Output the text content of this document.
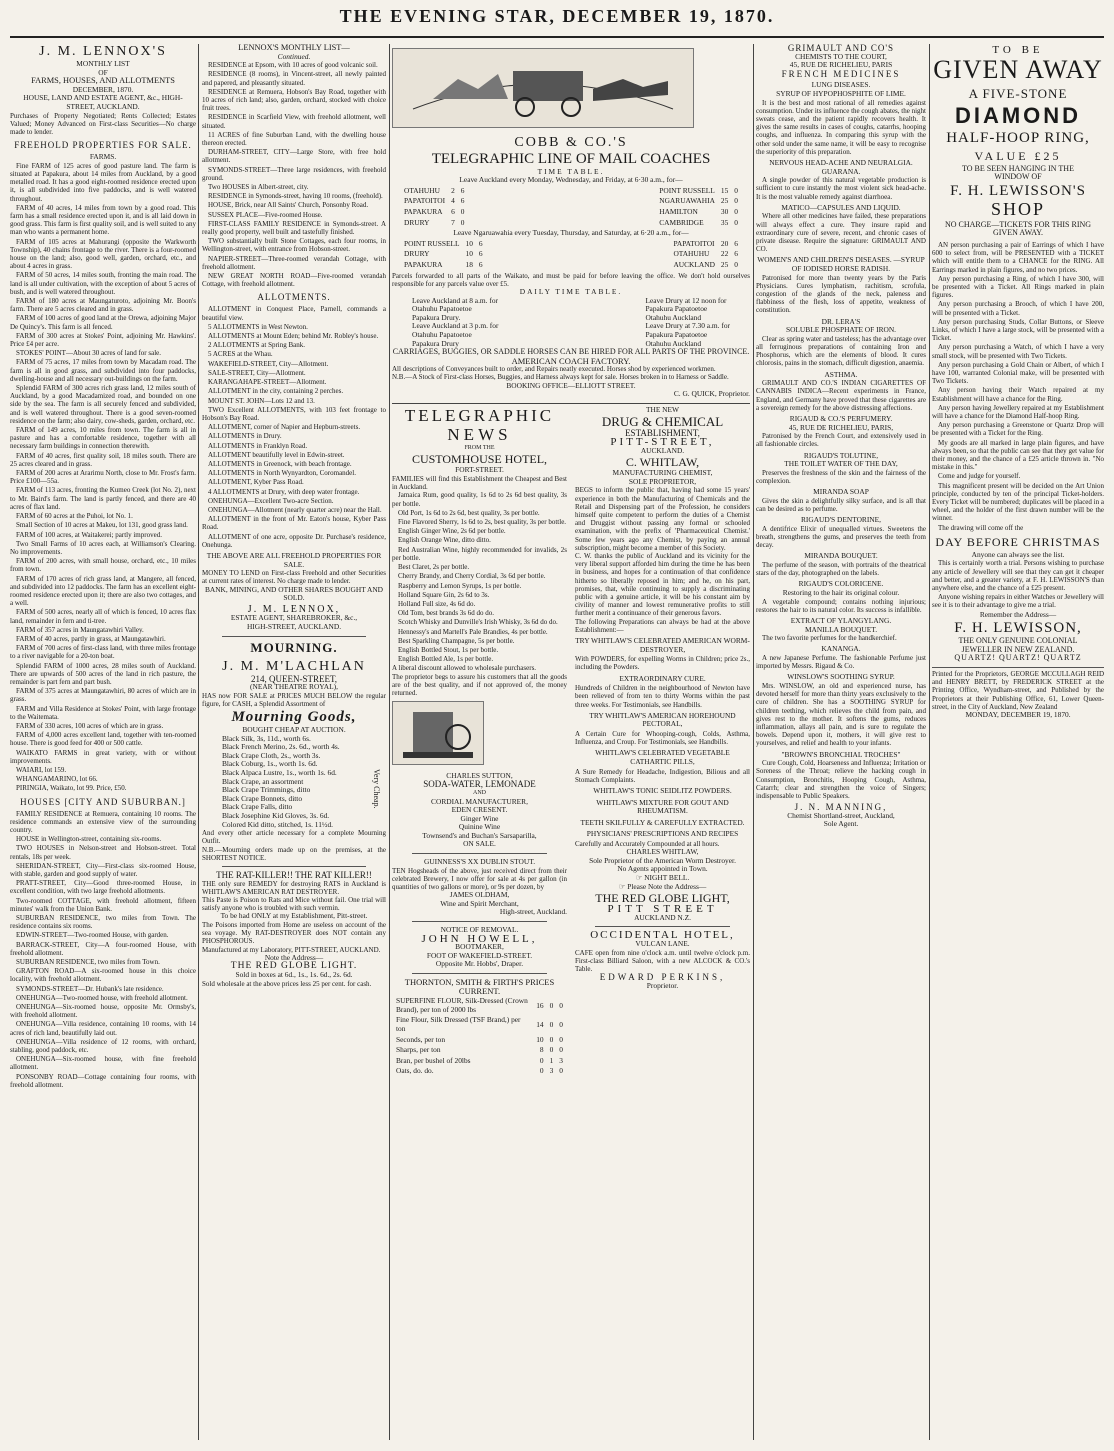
THE EVENING STAR, DECEMBER 19, 1870.
J. M. LENNOX'S
MONTHLY LIST
OF
FARMS, HOUSES, AND ALLOTMENTS
DECEMBER, 1870.
HOUSE, LAND AND ESTATE AGENT, &c., HIGH-STREET, AUCKLAND.
Purchases of Property Negotiated; Rents Collected; Estates Valued; Money Advanced on First-class Securities—No charge made to lender.
FREEHOLD PROPERTIES FOR SALE.
FARMS.
Fine FARM of 125 acres of good pasture land. The farm is situated at Papakura, about 14 miles from Auckland, by a good metalled road. It has a good eight-roomed residence erected upon it, is all subdivided into five paddocks, and is well watered throughout.
FARM of 40 acres, 14 miles from town by a good road. This farm has a small residence erected upon it, and is all laid down in good grass. This farm is first quality soil, and is well suited to any man who wants a permanent home.
FARM of 105 acres at Mahurangi (opposite the Warkworth Township), 40 chains frontage to the river. There is a four-roomed house on the land; also, good well, garden, orchard, etc., and about 4 acres in grass.
FARM of 50 acres, 14 miles south, fronting the main road. The land is all under cultivation, with the exception of about 5 acres of bush, and is well watered throughout.
FARM of 180 acres at Maungaturoto, adjoining Mr. Boon's farm. There are 5 acres cleared and in grass.
FARM of 100 acres of good land at the Orewa, adjoining Major De Quincy's. This farm is all fenced.
FARM of 300 acres at Stokes' Point, adjoining Mr. Hawkins'. Price £4 per acre.
STOKES' POINT—About 30 acres of land for sale.
FARM of 75 acres, 17 miles from town by Macadam road. The farm is all in good grass, and subdivided into four paddocks, dwelling-house and all necessary out-buildings on the farm.
Splendid FARM of 300 acres rich grass land, 12 miles south of Auckland, by a good Macadamized road, and bounded on one side by the sea. The farm is all securely fenced and subdivided, and is well watered throughout. There is a good seven-roomed residence on the farm; also dairy, cow-sheds, garden, orchard, etc.
FARM of 149 acres, 10 miles from town. The farm is all in pasture and has a comfortable residence, together with all necessary farm buildings in connection therewith.
FARM of 40 acres, first quality soil, 18 miles south. There are 25 acres cleared and in grass.
FARM of 200 acres at Ararimu North, close to Mr. Frost's farm. Price £100—55a.
FARM of 113 acres, fronting the Kumeo Creek (lot No. 2), next to Mr. Baird's farm. The land is partly fenced, and there are 40 acres of flax land.
FARM of 60 acres at the Puhoi, lot No. 1.
Small Section of 10 acres at Makeu, lot 131, good grass land.
FARM of 100 acres, at Waitakerei; partly improved.
Two Small Farms of 10 acres each, at Williamson's Clearing. No improvements.
FARM of 200 acres, with small house, orchard, etc., 10 miles from town.
FARM of 170 acres of rich grass land, at Mangere, all fenced, and subdivided into 12 paddocks. The farm has an excellent eight-roomed residence erected upon it; there are also two cottages, and a well.
FARM of 500 acres, nearly all of which is fenced, 10 acres flax land, remainder in fern and ti-tree.
FARM of 357 acres in Maungatawhiri Valley.
FARM of 40 acres, partly in grass, at Maungatawhiri.
FARM of 700 acres of first-class land, with three miles frontage to a river navigable for a 20-ton boat.
Splendid FARM of 1000 acres, 28 miles south of Auckland. There are upwards of 500 acres of the land in rich pasture, the remainder is part fern and part bush.
FARM of 375 acres at Maungatawhiri, 80 acres of which are in grass.
FARM and Villa Residence at Stokes' Point, with large frontage to the Waitemata.
FARM of 330 acres, 100 acres of which are in grass.
FARM of 4,000 acres excellent land, together with ten-roomed house. There is good feed for 400 or 500 cattle.
WAIKATO FARMS in great variety, with or without improvements.
WAIARI, lot 159.
WHANGAMARINO, lot 66.
PIRINGIA, Waikato, lot 99. Price, £50.
HOUSES [CITY AND SUBURBAN.]
FAMILY RESIDENCE at Remuera, containing 10 rooms. The residence commands an extensive view of the surrounding country.
HOUSE in Wellington-street, containing six-rooms.
TWO HOUSES in Nelson-street and Hobson-street. Total rentals, 18s per week.
SHERIDAN-STREET, City—First-class six-roomed House, with stable, garden and good supply of water.
PRATT-STREET, City—Good three-roomed House, in excellent condition, with two large freehold allotments.
Two-roomed COTTAGE, with freehold allotment, fifteen minutes' walk from the Union Bank.
SUBURBAN RESIDENCE, two miles from Town. The residence contains six rooms.
EDWIN-STREET—Two-roomed House, with garden.
BARRACK-STREET, City—A four-roomed House, with freehold allotment.
SUBURBAN RESIDENCE, two miles from Town.
GRAFTON ROAD—A six-roomed house in this choice locality, with freehold allotment.
SYMONDS-STREET—Dr. Hubank's late residence.
ONEHUNGA—Two-roomed house, with freehold allotment.
ONEHUNGA—Six-roomed house, opposite Mr. Ormsby's, with freehold allotment.
ONEHUNGA—Villa residence, containing 10 rooms, with 14 acres of rich land, beautifully laid out.
ONEHUNGA—Villa residence of 12 rooms, with orchard, stabling, good paddock, etc.
ONEHUNGA—Six-roomed house, with fine freehold allotment.
PONSONBY ROAD—Cottage containing four rooms, with freehold allotment.
LENNOX'S MONTHLY LIST—
Continued.
RESIDENCE at Epsom, with 10 acres of good volcanic soil.
RESIDENCE (8 rooms), in Vincent-street, all newly painted and papered, and pleasantly situated.
RESIDENCE at Remuera, Hobson's Bay Road, together with 10 acres of rich land; also, garden, orchard, stocked with choice fruit trees.
RESIDENCE in Scarfield View, with freehold allotment, well situated.
11 ACRES of fine Suburban Land, with the dwelling house thereon erected.
DURHAM-STREET, CITY—Large Store, with free hold allotment.
SYMONDS-STREET—Three large residences, with freehold ground.
Two HOUSES in Albert-street, city.
RESIDENCE in Symonds-street, having 10 rooms, (freehold).
HOUSE, Brick, near All Saints' Church, Ponsonby Road.
SUSSEX PLACE—Five-roomed House.
FIRST-CLASS FAMILY RESIDENCE in Symonds-street. A really good property, well built and tastefully finished.
TWO substantially built Stone Cottages, each four rooms, in Wellington-street, with entrance from Hobson-street.
NAPIER-STREET—Three-roomed verandah Cottage, with freehold allotment.
NEW GREAT NORTH ROAD—Five-roomed verandah Cottage, with freehold allotment.
ALLOTMENTS.
ALLOTMENT in Conquest Place, Parnell, commands a beautiful view.
5 ALLOTMENTS in West Newton.
ALLOTMENTS at Mount Eden; behind Mr. Robley's house.
2 ALLOTMENTS at Spring Bank.
5 ACRES at the Whau.
WAKEFIELD-STREET, City—Allotment.
SALE-STREET, City—Allotment.
KARANGAHAPE-STREET—Allotment.
ALLOTMENT in the city, containing 2 perches.
MOUNT ST. JOHN—Lots 12 and 13.
TWO Excellent ALLOTMENTS, with 103 feet frontage to Hobson's Bay Road.
ALLOTMENT, corner of Napier and Hepburn-streets.
ALLOTMENTS in Drury.
ALLOTMENTS in Franklyn Road.
ALLOTMENT beautifully level in Edwin-street.
ALLOTMENTS in Greenock, with beach frontage.
ALLOTMENTS in North Wynyardton, Coromandel.
ALLOTMENT, Kyber Pass Road.
4 ALLOTMENTS at Drury, with deep water frontage.
ONEHUNGA—Excellent Two-acre Section.
ONEHUNGA—Allotment (nearly quarter acre) near the Hall.
ALLOTMENT in the front of Mr. Eaton's house, Kyber Pass Road.
ALLOTMENT of one acre, opposite Dr. Purchase's residence, Onehunga.
THE ABOVE ARE ALL FREEHOLD PROPERTIES FOR SALE.
MONEY TO LEND on First-class Freehold and other Securities at current rates of interest. No charge made to lender.
BANK, MINING, AND OTHER SHARES BOUGHT AND SOLD.
J. M. LENNOX,
ESTATE AGENT, SHAREBROKER, &c.,
HIGH-STREET, AUCKLAND.
MOURNING.
J. M. M'LACHLAN
214, QUEEN-STREET,
(NEAR THEATRE ROYAL),
HAS now FOR SALE at PRICES MUCH BELOW the regular figure, for CASH, a Splendid Assortment of
Mourning Goods,
BOUGHT CHEAP AT AUCTION.
Black Silk, 3s, 11d., worth 6s.
Black French Merino, 2s. 6d., worth 4s.
Black Crape Cloth, 2s., worth 3s.
Black Coburg, 1s., worth 1s. 6d.
Black Alpaca Lustre, 1s., worth 1s. 6d.
Black Crape, an assortment
Black Crape Trimmings, ditto
Black Crape Bonnets, ditto
Black Crape Falls, ditto
Black Josephine Kid Gloves, 3s. 6d.
Colored Kid ditto, stitched, 1s. 11½d.
Very Cheap.
And every other article necessary for a complete Mourning Outfit.
N.B.—Mourning orders made up on the premises, at the SHORTEST NOTICE.
THE RAT-KILLER!! THE RAT KILLER!!
THE only sure REMEDY for destroying RATS in Auckland is WHITLAW'S AMERICAN RAT DESTROYER.
This Paste is Poison to Rats and Mice without fail. One trial will satisfy anyone who is troubled with such vermin.
To be had ONLY at my Establishment, Pitt-street.
The Poisons imported from Home are useless on account of the sea voyage. My RAT-DESTROYER does NOT contain any PHOSPHOROUS.
Manufactured at my Laboratory, PITT-STREET, AUCKLAND.
Note the Address—
THE RED GLOBE LIGHT.
Sold in boxes at 6d., 1s., 1s. 6d., 2s. 6d.
Sold wholesale at the above prices less 25 per cent. for cash.
COBB & CO.'S
TELEGRAPHIC LINE OF MAIL COACHES
TIME TABLE.
Leave Auckland every Monday, Wednesday, and Friday, at 6·30 a.m., for—
OTAHUHU	2	6
PAPATOITOI	4	6
PAPAKURA	6	0
DRURY	7	0
POINT RUSSELL	15	0
NGARUAWAHIA	25	0
HAMILTON	30	0
CAMBRIDGE	35	0
Leave Ngaruawahia every Tuesday, Thursday, and Saturday, at 6·20 a.m., for—
POINT RUSSELL	10	6
DRURY	10	6
PAPAKURA	18	6
PAPATOITOI	20	6
OTAHUHU	22	6
AUCKLAND	25	0
Parcels forwarded to all parts of the Waikato, and must be paid for before leaving the office. We don't hold ourselves responsible for any parcels value over £5.
DAILY TIME TABLE.
Leave Auckland at 8 a.m. for
Otahuhu Papatoetoe
Papakura Drury.
Leave Auckland at 3 p.m. for
Otahuhu Papatoetoe
Papakura Drury
Leave Drury at 12 noon for
Papakura Papatoetoe
Otahuhu Auckland
Leave Drury at 7.30 a.m. for
Papakura Papatoetoe
Otahuhu Auckland
CARRIAGES, BUGGIES, OR SADDLE HORSES CAN BE HIRED FOR ALL PARTS OF THE PROVINCE.
AMERICAN COACH FACTORY.
All descriptions of Conveyances built to order, and Repairs neatly executed. Horses shod by experienced workmen.
N.B.—A Stock of First-class Horses, Buggies, and Harness always kept for sale. Horses broken in to Harness or Saddle.
BOOKING OFFICE—ELLIOTT STREET.
C. G. QUICK, Proprietor.
TELEGRAPHIC
NEWS
FROM THE
CUSTOMHOUSE HOTEL,
FORT-STREET.
FAMILIES will find this Establishment the Cheapest and Best in Auckland.
Jamaica Rum, good quality, 1s 6d to 2s 6d best quality, 3s per bottle.
Old Port, 1s 6d to 2s 6d, best quality, 3s per bottle.
Fine Flavored Sherry, 1s 6d to 2s, best quality, 3s per bottle.
English Ginger Wine, 2s 6d per bottle.
English Orange Wine, ditto ditto.
Red Australian Wine, highly recommended for invalids, 2s per bottle.
Best Claret, 2s per bottle.
Cherry Brandy, and Cherry Cordial, 3s 6d per bottle.
Raspberry and Lemon Syrups, 1s per bottle.
Holland Square Gin, 2s 6d to 3s.
Holland Full size, 4s 6d do.
Old Tom, best brands 3s 6d do do.
Scotch Whisky and Dunville's Irish Whisky, 3s 6d do do.
Hennessy's and Martell's Pale Brandies, 4s per bottle.
Best Sparkling Champagne, 5s per bottle.
English Bottled Stout, 1s per bottle.
English Bottled Ale, 1s per bottle.
A liberal discount allowed to wholesale purchasers.
The proprietor begs to assure his customers that all the goods are of the best quality, and if not approved of, the money returned.
CHARLES SUTTON,
SODA-WATER, LEMONADE
AND
CORDIAL MANUFACTURER,
EDEN CRESENT.
Ginger Wine
Quinine Wine
Townsend's and Buchan's Sarsaparilla,
ON SALE.
GUINNESS'S XX DUBLIN STOUT.
TEN Hogsheads of the above, just received direct from their celebrated Brewery, I now offer for sale at 4s per gallon (in quantities of two gallons or more), or 9s per dozen, by
JAMES OLDHAM,
Wine and Spirit Merchant,
High-street, Auckland.
NOTICE OF REMOVAL.
JOHN HOWELL,
BOOTMAKER,
FOOT OF WAKEFIELD-STREET.
Opposite Mr. Hobbs', Draper.
THORNTON, SMITH & FIRTH'S PRICES CURRENT.
SUPERFINE FLOUR, Silk-Dressed (Crown Brand), per ton of 2000 lbs	16	0	0
Fine Flour, Silk Dressed (TSF Brand,) per ton	14	0	0
Seconds, per ton	10	0	0
Sharps, per ton	8	0	0
Bran, per bushel of 20lbs	0	1	3
Oats, do. do.	0	3	0
THE NEW
DRUG & CHEMICAL
ESTABLISHMENT,
PITT-STREET,
AUCKLAND.
C. WHITLAW,
MANUFACTURING CHEMIST,
SOLE PROPRIETOR,
BEGS to inform the public that, having had some 15 years' experience in both the Manufacturing of Chemicals and the Retail and Dispensing part of the Profession, he considers himself quite competent to perform the duties of a Chemist and Druggist without passing any formal or schooled examination, with the prefix of 'Pharmaceutical Chemist.' Some few years ago any Chemist, by paying an annual subscription, might become a member of this Society.
C. W. thanks the public of Auckland and its vicinity for the very liberal support afforded him during the time he has been in business, and hopes for a continuation of that confidence hitherto so liberally reposed in him; and he, on his part, promises, that, while continuing to supply a discriminating public with a genuine article, it will be his constant aim by civility of manner and lowest remunerative profits to still further merit a continuance of their generous favors.
The following Preparations can always be had at the above Establishment:—
TRY WHITLAW'S CELEBRATED AMERICAN WORM-DESTROYER,
With POWDERS, for expelling Worms in Children; price 2s., including the Powders.
EXTRAORDINARY CURE.
Hundreds of Children in the neighbourhood of Newton have been relieved of from ten to thirty Worms within the past three weeks. For Testimonials, see Handbills.
TRY WHITLAW'S AMERICAN HOREHOUND PECTORAL,
A Certain Cure for Whooping-cough, Colds, Asthma, Influenza, and Croup. For Testimonials, see Handbills.
WHITLAW'S CELEBRATED VEGETABLE CATHARTIC PILLS,
A Sure Remedy for Headache, Indigestion, Bilious and all Stomach Complaints.
WHITLAW'S TONIC SEIDLITZ POWDERS.
WHITLAW'S MIXTURE FOR GOUT AND RHEUMATISM.
TEETH SKILFULLY & CAREFULLY EXTRACTED.
PHYSICIANS' PRESCRIPTIONS AND RECIPES
Carefully and Accurately Compounded at all hours.
CHARLES WHITLAW,
Sole Proprietor of the American Worm Destroyer.
No Agents appointed in Town.
☞ NIGHT BELL.
☞ Please Note the Address—
THE RED GLOBE LIGHT,
PITT STREET
AUCKLAND N.Z.
OCCIDENTAL HOTEL,
VULCAN LANE.
CAFE open from nine o'clock a.m. until twelve o'clock p.m. First-class Billiard Saloon, with a new ALCOCK & CO.'s Table.
EDWARD PERKINS,
Proprietor.
GRIMAULT AND CO'S
CHEMISTS TO THE COURT,
45, RUE DE RICHELIEU, PARIS
FRENCH MEDICINES
LUNG DISEASES.
SYRUP OF HYPOPHOSPHITE OF LIME.
It is the best and most rational of all remedies against consumption. Under its influence the cough abates, the night sweats cease, and the patient rapidly recovers health. It gives the same results in cases of coughs, catarrhs, hooping coughs, and influenza. In comparing this syrup with the other sold under the same name, it will be easy to recognise the superiority of this preparation.
NERVOUS HEAD-ACHE AND NEURALGIA.
GUARANA.
A single powder of this natural vegetable production is sufficient to cure instantly the most violent sick head-ache. It is the most valuable remedy against diarrhoea.
MATICO—CAPSULES AND LIQUID.
Where all other medicines have failed, these preparations will always effect a cure. They insure rapid and extraordinary cure of severe, recent, and chronic cases of private disease. Require the signature: GRIMAULT AND CO.
WOMEN'S AND CHILDREN'S DISEASES. —SYRUP OF IODISED HORSE RADISH.
Patronised for more than twenty years by the Paris Physicians. Cures lymphatism, rachitism, scrofula, congestion of the glands of the neck, paleness and flabbiness of the flesh, loss of appetite, weakness of constitution.
DR. LERA'S
SOLUBLE PHOSPHATE OF IRON.
Clear as spring water and tasteless; has the advantage over all ferruginous preparations of containing Iron and Phosphorus, which are the elements of blood. It cures chlorosis, pains in the stomach, difficult digestion, anaemia.
ASTHMA.
GRIMAULT AND CO.'S INDIAN CIGARETTES OF CANNABIS INDICA—Recent experiments in France, England, and Germany have proved that these cigarettes are a sovereign remedy for the above distressing affections.
RIGAUD & CO.'S PERFUMERY.
45, RUE DE RICHELIEU, PARIS,
Patronised by the French Court, and extensively used in all fashionable circles.
RIGAUD'S TOLUTINE,
THE TOILET WATER OF THE DAY,
Preserves the freshness of the skin and the fairness of the complexion.
MIRANDA SOAP
Gives the skin a delightfully silky surface, and is all that can be desired as to perfume.
RIGAUD'S DENTORINE,
A dentifrice Elixir of unequalled virtues. Sweetens the breath, strengthens the gums, and preserves the teeth from decay.
MIRANDA BOUQUET.
The perfume of the season, with portraits of the theatrical stars of the day, photographed on the labels.
RIGAUD'S COLORICENE.
Restoring to the hair its original colour.
A vegetable compound; contains nothing injurious; restores the hair to its natural color. Its success is infallible.
EXTRACT OF YLANGYLANG.
MANILLA BOUQUET.
The two favorite perfumes for the handkerchief.
KANANGA.
A new Japanese Perfume. The fashionable Perfume just imported by Messrs. Rigaud & Co.
WINSLOW'S SOOTHING SYRUP.
Mrs. WINSLOW, an old and experienced nurse, has devoted herself for more than thirty years exclusively to the cure of children. She has a SOOTHING SYRUP for children teething, which relieves the child from pain, and gives rest to the mother. It softens the gums, reduces inflammation, allays all pain, and is sure to regulate the bowels. Depend upon it, mothers, it will give rest to yourselves, and relief and health to your infants.
"BROWN'S BRONCHIAL TROCHES"
Cure Cough, Cold, Hoarseness and Influenza; Irritation or Soreness of the Throat; relieve the hacking cough in Consumption, Bronchitis, Hooping Cough, Asthma, Catarrh; clear and strengthen the voice of Singers; indispensable to Public Speakers.
J. N. MANNING,
Chemist Shortland-street, Auckland,
Sole Agent.
TO BE
GIVEN AWAY
A FIVE-STONE
DIAMOND
HALF-HOOP RING,
VALUE £25
TO BE SEEN HANGING IN THE
WINDOW OF
F. H. LEWISSON'S
SHOP
NO CHARGE—TICKETS FOR THIS RING GIVEN AWAY.
AN person purchasing a pair of Earrings of which I have 600 to select from, will be PRESENTED with a TICKET which will entitle them to a CHANCE for the RING. All Earrings marked in plain figures, and no two prices.
Any person purchasing a Ring, of which I have 300, will be presented with a Ticket. All Rings marked in plain figures.
Any person purchasing a Brooch, of which I have 200, will be presented with a Ticket.
Any person purchasing Studs, Collar Buttons, or Sleeve Links, of which I have a large stock, will be presented with a Ticket.
Any person purchasing a Watch, of which I have a very small stock, will be presented with Two Tickets.
Any person purchasing a Gold Chain or Albert, of which I have 100, warranted Colonial make, will be presented with Two Tickets.
Any person having their Watch repaired at my Establishment will have a chance for the Ring.
Any person having Jewellery repaired at my Establishment will have a chance for the Diamond Half-hoop Ring.
Any person purchasing a Greenstone or Quartz Drop will be presented with a Ticket for the Ring.
My goods are all marked in large plain figures, and have always been, so that the public can see that they get value for their money, and the chance of a £25 article thrown in. "No mistake in this."
Come and judge for yourself.
This magnificent present will be decided on the Art Union principle, conducted by ten of the principal Ticket-holders. Every Ticket will be numbered; duplicates will be placed in a wheel, and the holder of the first drawn number will be the winner.
The drawing will come off the
DAY BEFORE CHRISTMAS
Anyone can always see the list.
This is certainly worth a trial. Persons wishing to purchase any article of Jewellery will see that they can get it cheaper and better, and a greater variety, at F. H. LEWISSON'S than anywhere else, and the chance of a £25 present.
Anyone wishing repairs in either Watches or Jewellery will see it is to their advantage to give me a trial.
Remember the Address—
F. H. LEWISSON,
THE ONLY GENUINE COLONIAL
JEWELLER IN NEW ZEALAND.
QUARTZ! QUARTZ! QUARTZ
Printed for the Proprietors, GEORGE MCCULLAGH REID and HENRY BRETT, by FREDERICK STREET at the Printing Office, Wyndham-street, and Published by the Proprietors at their Publishing Office, 61, Lower Queen-street, in the City of Auckland, New Zealand
MONDAY, DECEMBER 19, 1870.
